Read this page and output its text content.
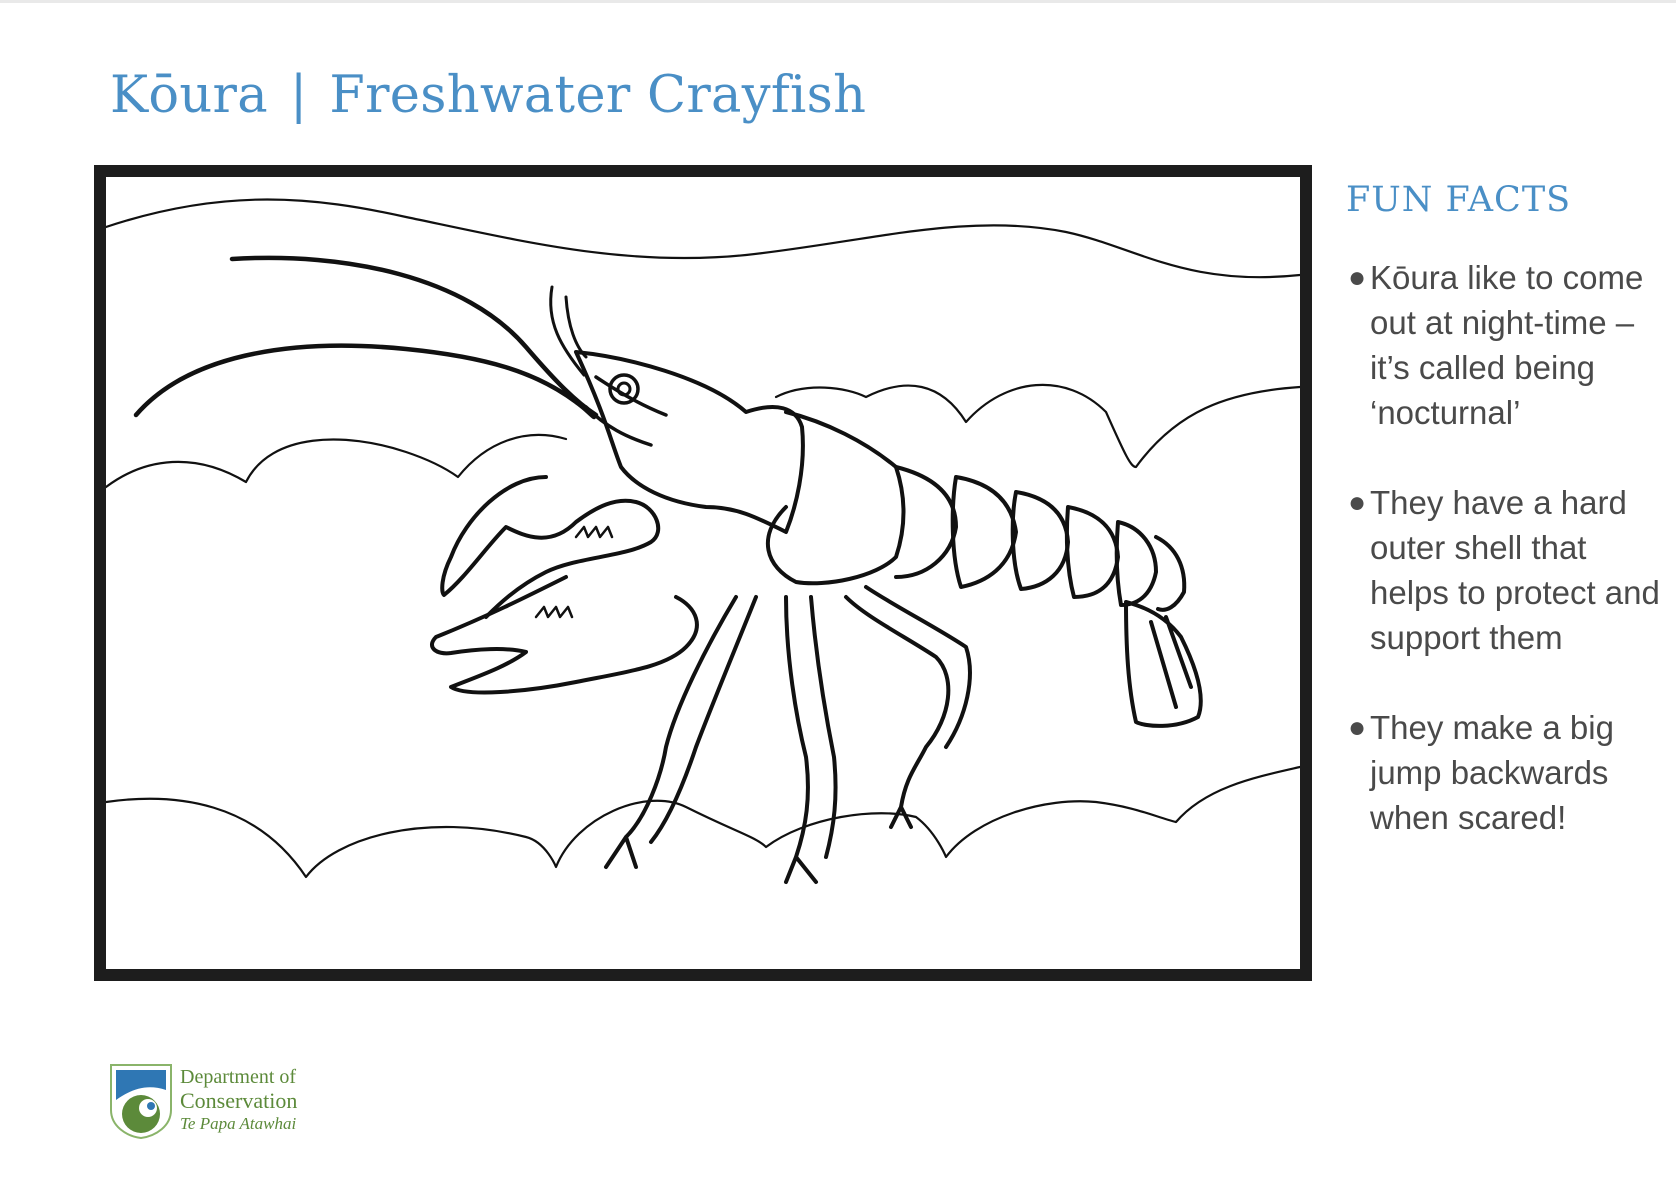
Kōura | Freshwater Crayfish
FUN FACTS
● Kōura like to come out at night-time – it’s called being ‘nocturnal’
● They have a hard outer shell that helps to protect and support them
● They make a big jump backwards when scared!
Department of
Conservation
Te Papa Atawhai
